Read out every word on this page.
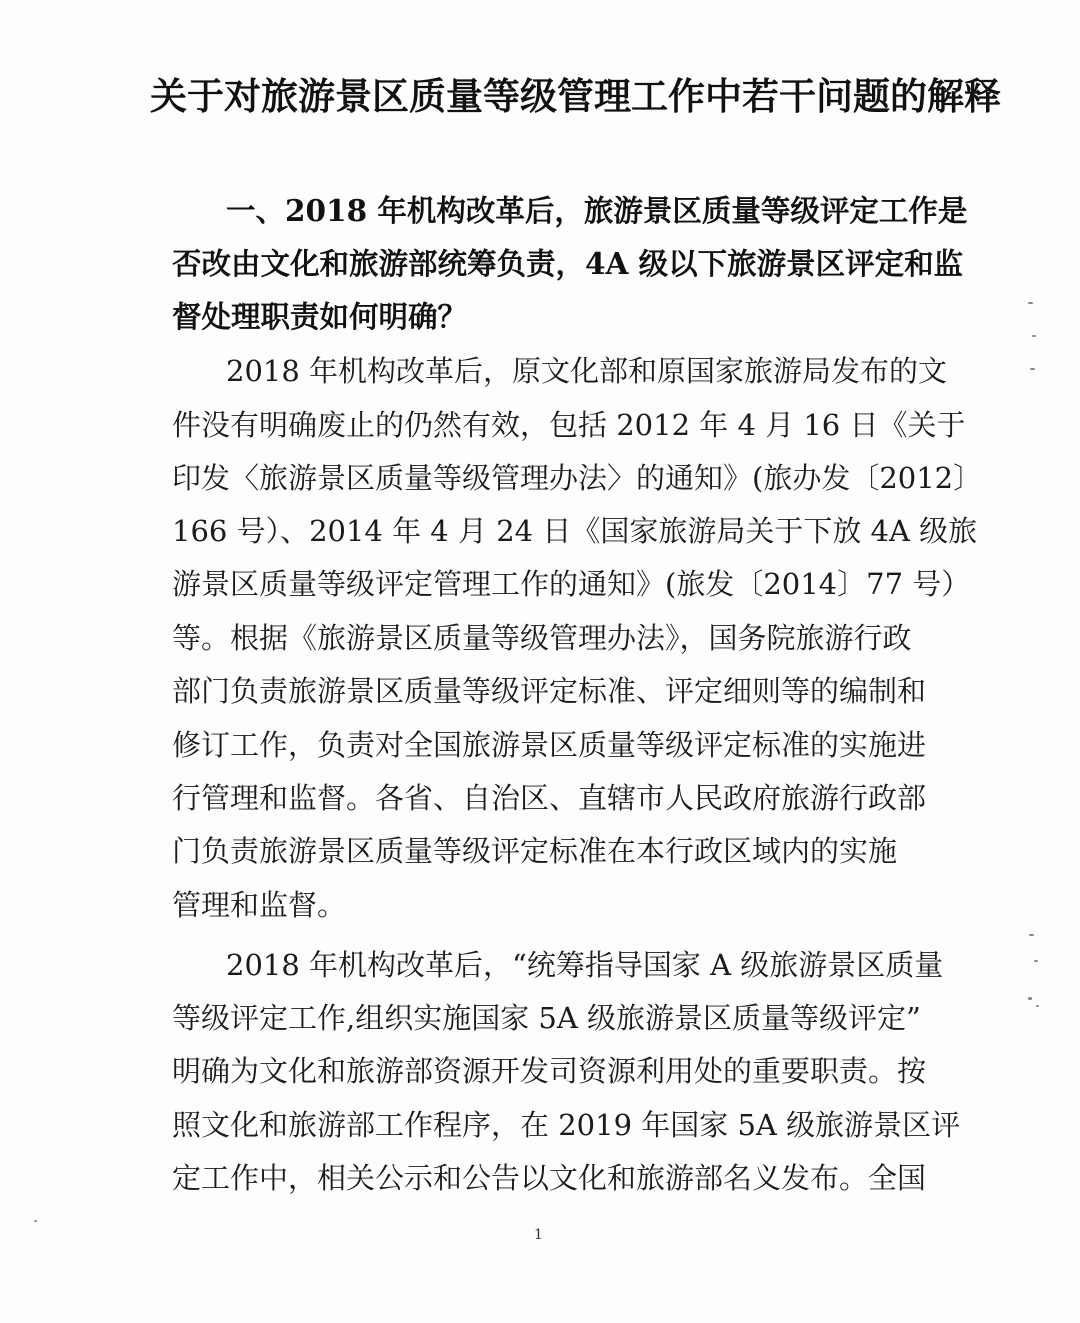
关于对旅游景区质量等级管理工作中若干问题的解释
一、2018 年机构改革后，旅游景区质量等级评定工作是
否改由文化和旅游部统筹负责，4A 级以下旅游景区评定和监
督处理职责如何明确？
2018 年机构改革后，原文化部和原国家旅游局发布的文
件没有明确废止的仍然有效，包括 2012 年 4 月 16 日《关于
印发〈旅游景区质量等级管理办法〉的通知》(旅办发〔2012〕
166 号）、2014 年 4 月 24 日《国家旅游局关于下放 4A 级旅
游景区质量等级评定管理工作的通知》(旅发〔2014〕77 号）
等。根据《旅游景区质量等级管理办法》，国务院旅游行政
部门负责旅游景区质量等级评定标准、评定细则等的编制和
修订工作，负责对全国旅游景区质量等级评定标准的实施进
行管理和监督。各省、自治区、直辖市人民政府旅游行政部
门负责旅游景区质量等级评定标准在本行政区域内的实施
管理和监督。
2018 年机构改革后，“统筹指导国家 A 级旅游景区质量
等级评定工作,组织实施国家 5A 级旅游景区质量等级评定”
明确为文化和旅游部资源开发司资源利用处的重要职责。按
照文化和旅游部工作程序，在 2019 年国家 5A 级旅游景区评
定工作中，相关公示和公告以文化和旅游部名义发布。全国
1
